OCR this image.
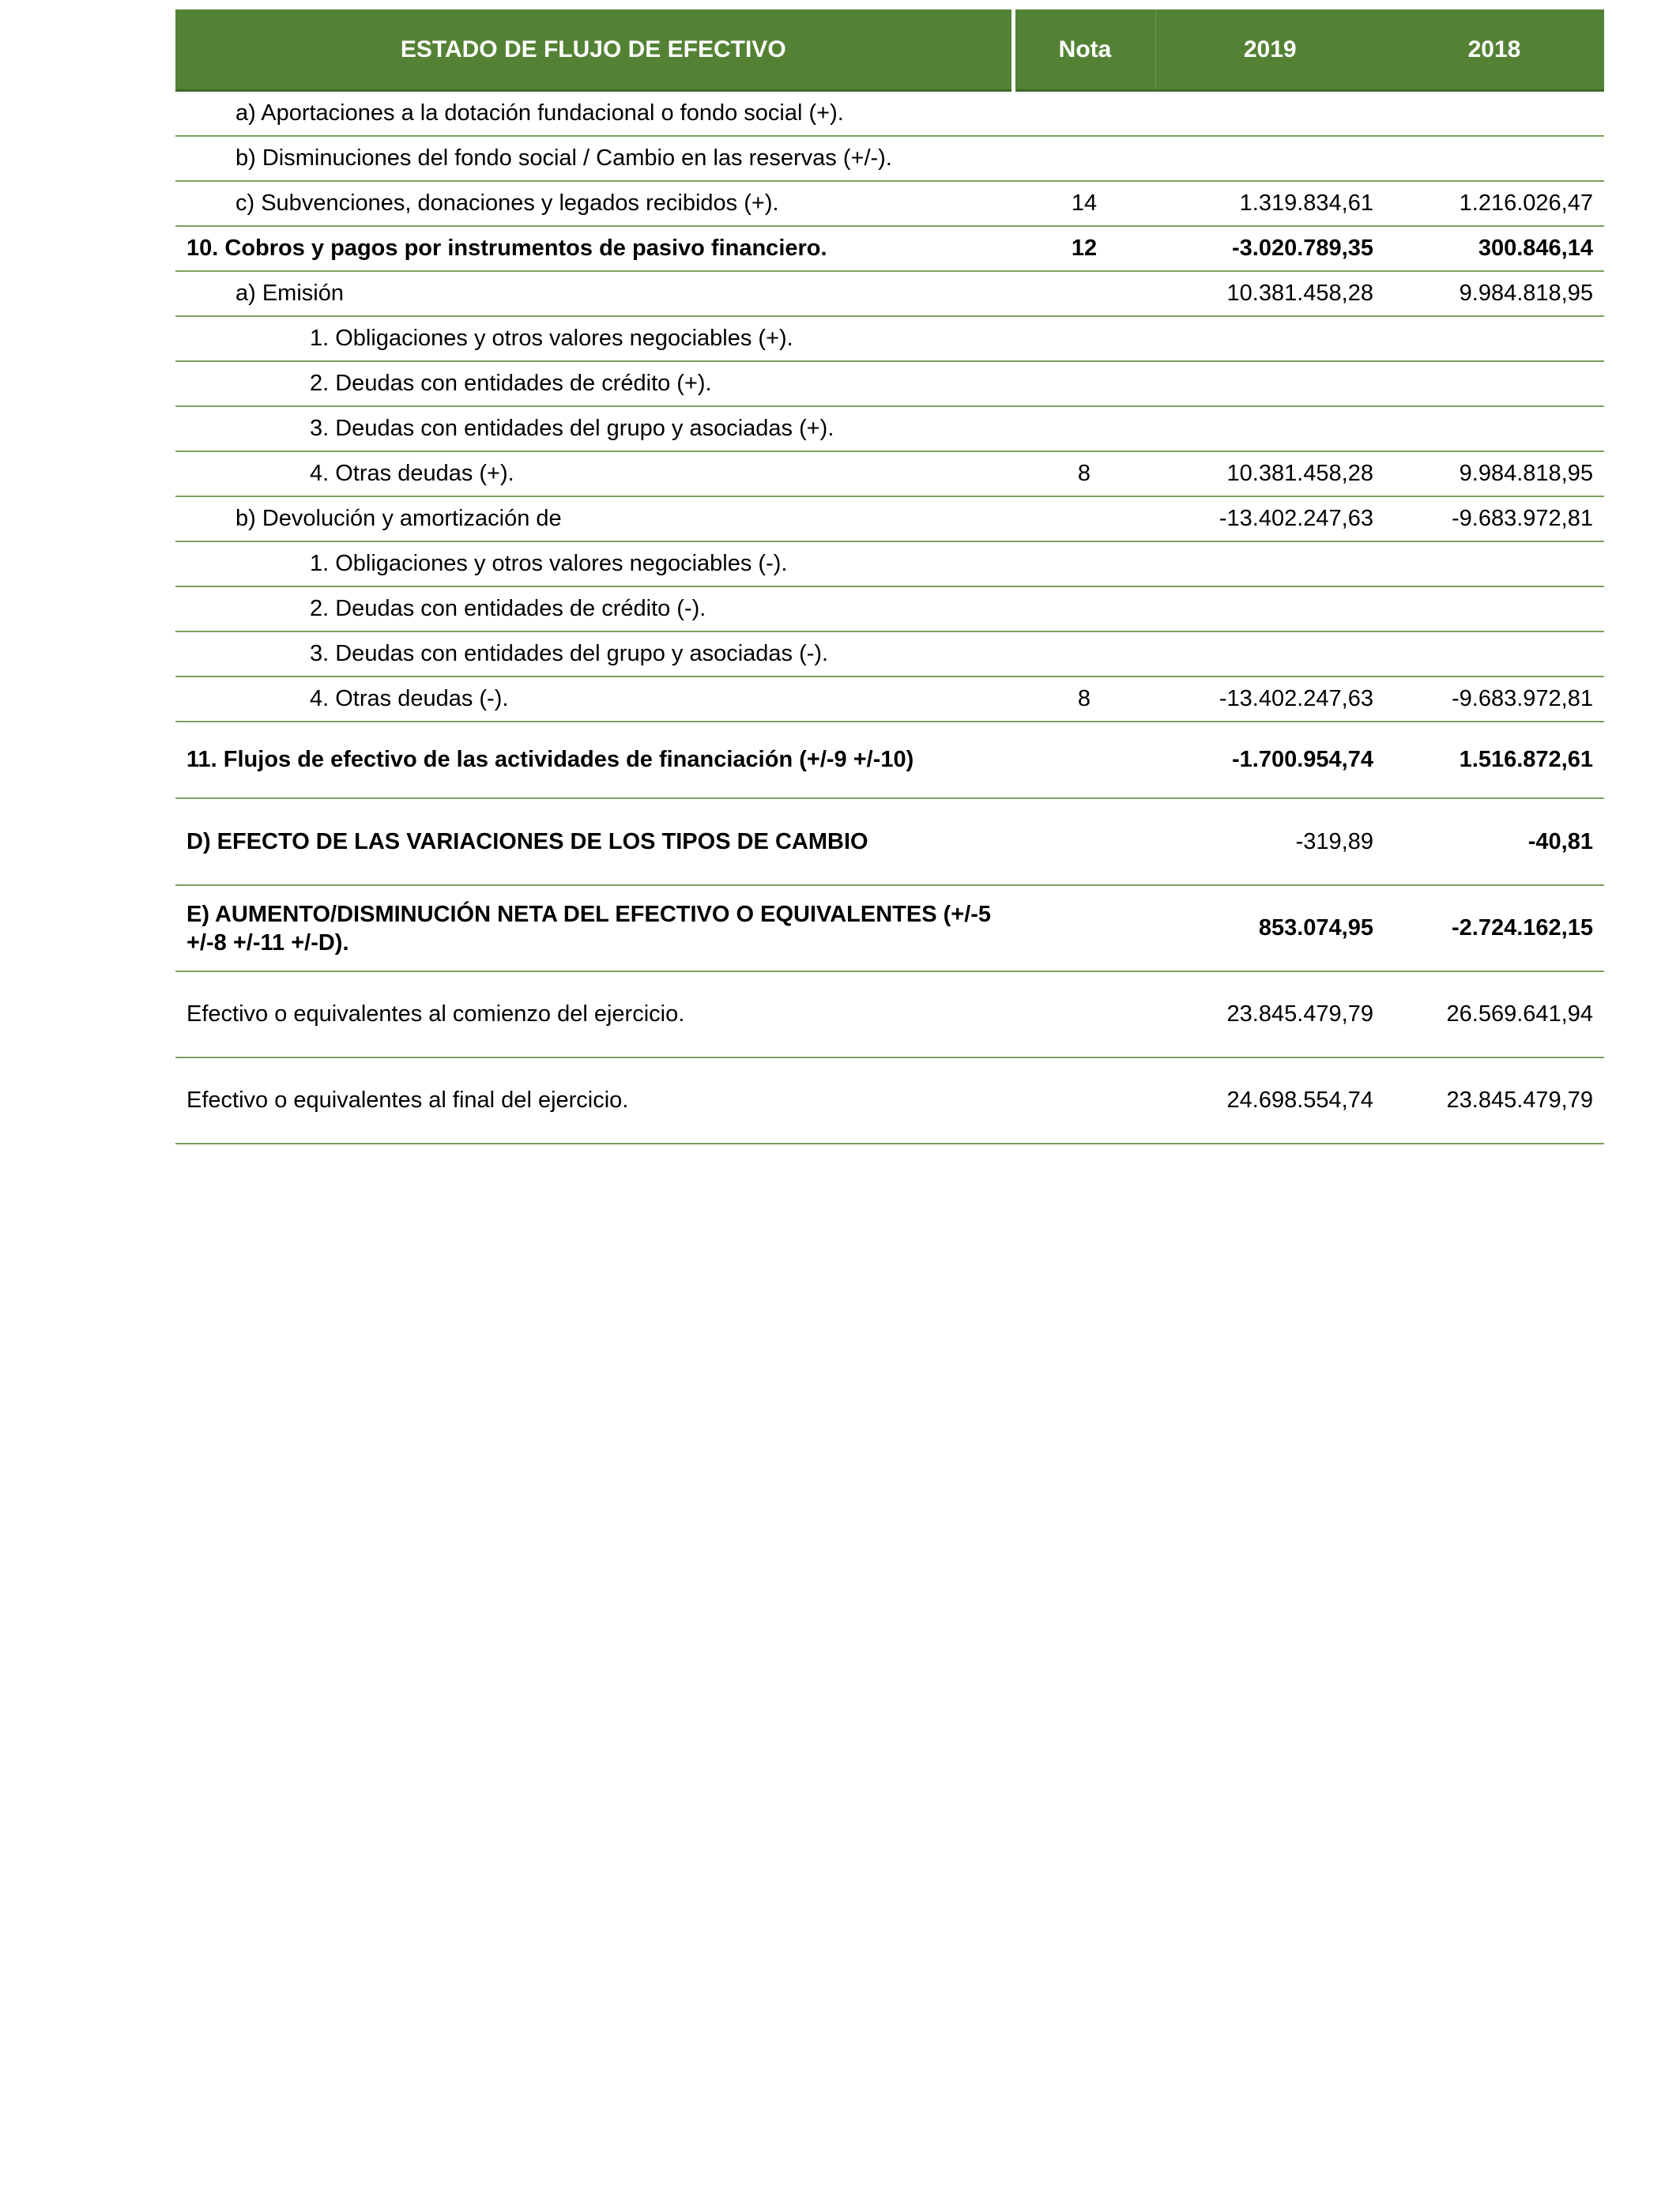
ESTADO DE FLUJO DE EFECTIVO	Nota	2019	2018
a) Aportaciones a la dotación fundacional o fondo social (+).			
b) Disminuciones del fondo social / Cambio en las reservas (+/-).			
c) Subvenciones, donaciones y legados recibidos (+).	14	1.319.834,61	1.216.026,47
10. Cobros y pagos por instrumentos de pasivo financiero.	12	-3.020.789,35	300.846,14
a) Emisión		10.381.458,28	9.984.818,95
1. Obligaciones y otros valores negociables (+).			
2. Deudas con entidades de crédito (+).			
3. Deudas con entidades del grupo y asociadas (+).			
4. Otras deudas (+).	8	10.381.458,28	9.984.818,95
b) Devolución y amortización de		-13.402.247,63	-9.683.972,81
1. Obligaciones y otros valores negociables (-).			
2. Deudas con entidades de crédito (-).			
3. Deudas con entidades del grupo y asociadas (-).			
4. Otras deudas (-).	8	-13.402.247,63	-9.683.972,81
11. Flujos de efectivo de las actividades de financiación (+/-9 +/-10)		-1.700.954,74	1.516.872,61
D) EFECTO DE LAS VARIACIONES DE LOS TIPOS DE CAMBIO		-319,89	-40,81
E) AUMENTO/DISMINUCIÓN NETA DEL EFECTIVO O EQUIVALENTES (+/-5 +/-8 +/-11 +/-D).		853.074,95	-2.724.162,15
Efectivo o equivalentes al comienzo del ejercicio.		23.845.479,79	26.569.641,94
Efectivo o equivalentes al final del ejercicio.		24.698.554,74	23.845.479,79
